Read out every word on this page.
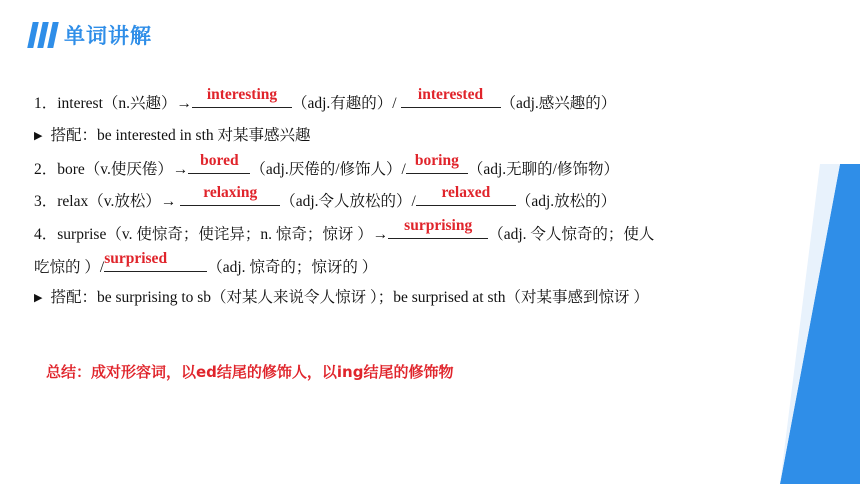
单词讲解
1．interest（n.兴趣）→
interesting
（adj.有趣的）/
interested
（adj.感兴趣的）
▶ 搭配：be interested in sth 对某事感兴趣
2．bore（v.使厌倦）→
bored
（adj.厌倦的/修饰人）/
boring
（adj.无聊的/修饰物）
3．relax（v.放松）→
relaxing
（adj.令人放松的）/
relaxed
（adj.放松的）
4．surprise（v. 使惊奇；使诧异；n. 惊奇；惊讶 ）→
surprising
（adj. 令人惊奇的；使人
吃惊的 ）/
surprised
（adj. 惊奇的；惊讶的 ）
▶ 搭配：be surprising to sb（对某人来说令人惊讶 ）；be surprised at sth（对某事感到惊讶 ）
总结：成对形容词，以ed结尾的修饰人，以ing结尾的修饰物
